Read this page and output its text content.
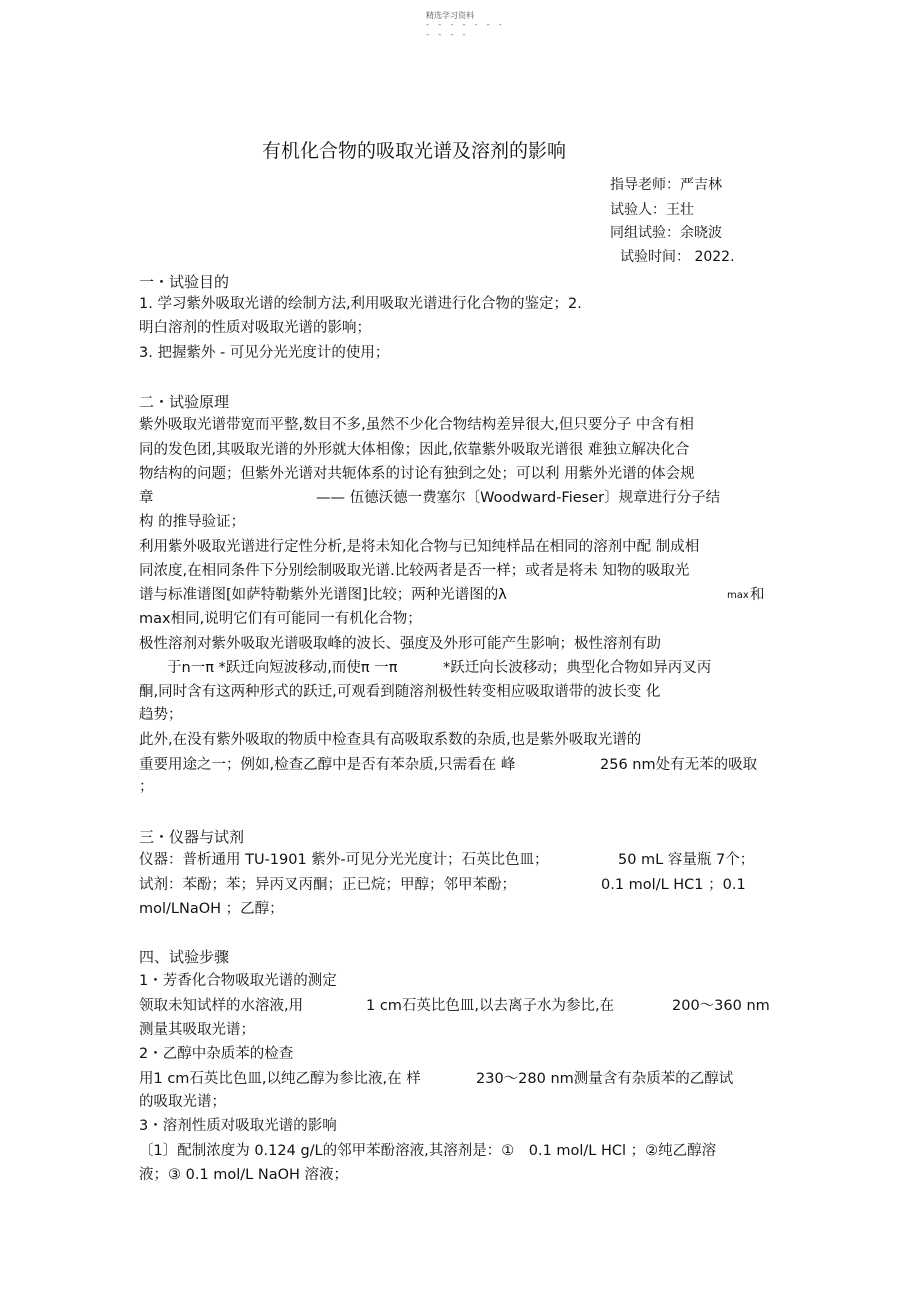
精选学习资料
- - - - - - -
- - - -
有机化合物的吸取光谱及溶剂的影响
指导老师：严吉林
试验人：王壮
同组试验：余晓波
试验时间： 2022.
一・试验目的
1. 学习紫外吸取光谱的绘制方法,利用吸取光谱进行化合物的鉴定；2.
明白溶剂的性质对吸取光谱的影响；
3. 把握紫外 - 可见分光光度计的使用；
二・试验原理
紫外吸取光谱带宽而平整,数目不多,虽然不少化合物结构差异很大,但只要分子 中含有相
同的发色团,其吸取光谱的外形就大体相像；因此,依靠紫外吸取光谱很 难独立解决化合
物结构的问题；但紫外光谱对共轭体系的讨论有独到之处；可以利 用紫外光谱的体会规
章	—— 伍德沃德一费塞尔〔Woodward-Fieser〕规章进行分子结
构 的推导验证；
利用紫外吸取光谱进行定性分析,是将未知化合物与已知纯样品在相同的溶剂中配 制成相
同浓度,在相同条件下分别绘制吸取光谱.比较两者是否一样；或者是将未 知物的吸取光
谱与标准谱图[如萨特勒紫外光谱图]比较；两种光谱图的λ	max 和
max相同,说明它们有可能同一有机化合物；
极性溶剂对紫外吸取光谱吸取峰的波长、强度及外形可能产生影响；极性溶剂有助
于n一π *跃迁向短波移动,而使π 一π	*跃迁向长波移动；典型化合物如异丙叉丙
酮,同时含有这两种形式的跃迁,可观看到随溶剂极性转变相应吸取谱带的波长变 化
趋势；
此外,在没有紫外吸取的物质中检查具有高吸取系数的杂质,也是紫外吸取光谱的
重要用途之一；例如,检查乙醇中是否有苯杂质,只需看在 峰	256 nm处有无苯的吸取
；
三・仪器与试剂
仪器：普析通用 TU-1901 紫外-可见分光光度计；石英比色皿；	50 mL 容量瓶 7个；
试剂：苯酚；苯；异丙叉丙酮；正已烷；甲醇；邻甲苯酚；	0.1 mol/L HC1 ；0.1
mol/LNaOH ；乙醇；
四、试验步骤
1・芳香化合物吸取光谱的测定
领取未知试样的水溶液,用	1 cm石英比色皿,以去离子水为参比,在	200～360 nm
测量其吸取光谱；
2・乙醇中杂质苯的检查
用1 cm石英比色皿,以纯乙醇为参比液,在 样	230～280 nm测量含有杂质苯的乙醇试
的吸取光谱；
3・溶剂性质对吸取光谱的影响
〔1〕配制浓度为 0.124 g/L的邻甲苯酚溶液,其溶剂是：①　0.1 mol/L HCl ；②纯乙醇溶
液；③ 0.1 mol/L NaOH 溶液；
